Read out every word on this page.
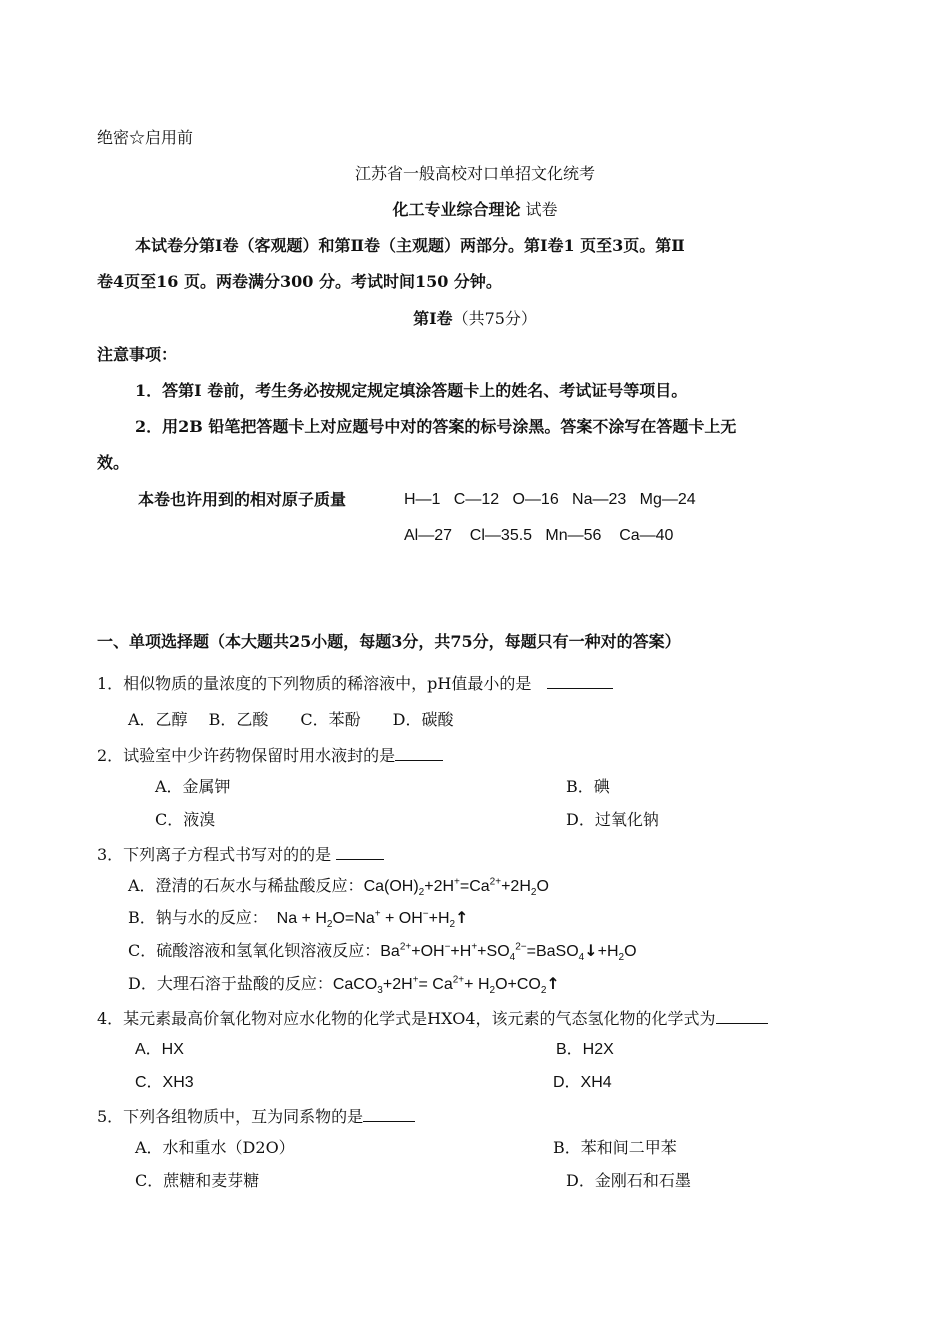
绝密☆启用前
江苏省一般高校对口单招文化统考
化工专业综合理论 试卷
本试卷分第Ⅰ卷（客观题）和第Ⅱ卷（主观题）两部分。第Ⅰ卷1 页至3页。第Ⅱ
卷4页至16 页。两卷满分300 分。考试时间150 分钟。
第Ⅰ卷（共75分）
注意事项：
1．答第Ⅰ 卷前，考生务必按规定规定填涂答题卡上的姓名、考试证号等项目。
2．用2B 铅笔把答题卡上对应题号中对的答案的标号涂黑。答案不涂写在答题卡上无
效。
本卷也许用到的相对原子质量	H—1   C—12   O—16   Na—23   Mg—24
Al—27    Cl—35.5   Mn—56    Ca—40
一、单项选择题（本大题共25小题，每题3分，共75分，每题只有一种对的答案）
1．相似物质的量浓度的下列物质的稀溶液中，pH值最小的是　
A．乙醇　 B．乙酸　　C．苯酚　　D．碳酸
2．试验室中少许药物保留时用水液封的是
A．金属钾	B．碘
C．液溴	D．过氧化钠
3．下列离子方程式书写对的的是
A．澄清的石灰水与稀盐酸反应：$Ca(OH)_2+2H^+=Ca^{2+}+2H_2O$
B．钠与水的反应：  $Na + H_2O=Na^+$ + $OH^-+H_2↑$
C．硫酸溶液和氢氧化钡溶液反应：$Ba^{2+}+OH^-+H^++SO_4^{2-}=BaSO_4↓+H_2O$
D．大理石溶于盐酸的反应：CaCO$_3$+2H+= $Ca^{2+}+$ $H_2O+CO_2↑$
4．某元素最高价氧化物对应水化物的化学式是HXO4，该元素的气态氢化物的化学式为
A．HX	B．H2X
C．XH3	D．XH4
5．下列各组物质中，互为同系物的是
A．水和重水（D2O）	B．苯和间二甲苯
C．蔗糖和麦芽糖	D．金刚石和石墨
